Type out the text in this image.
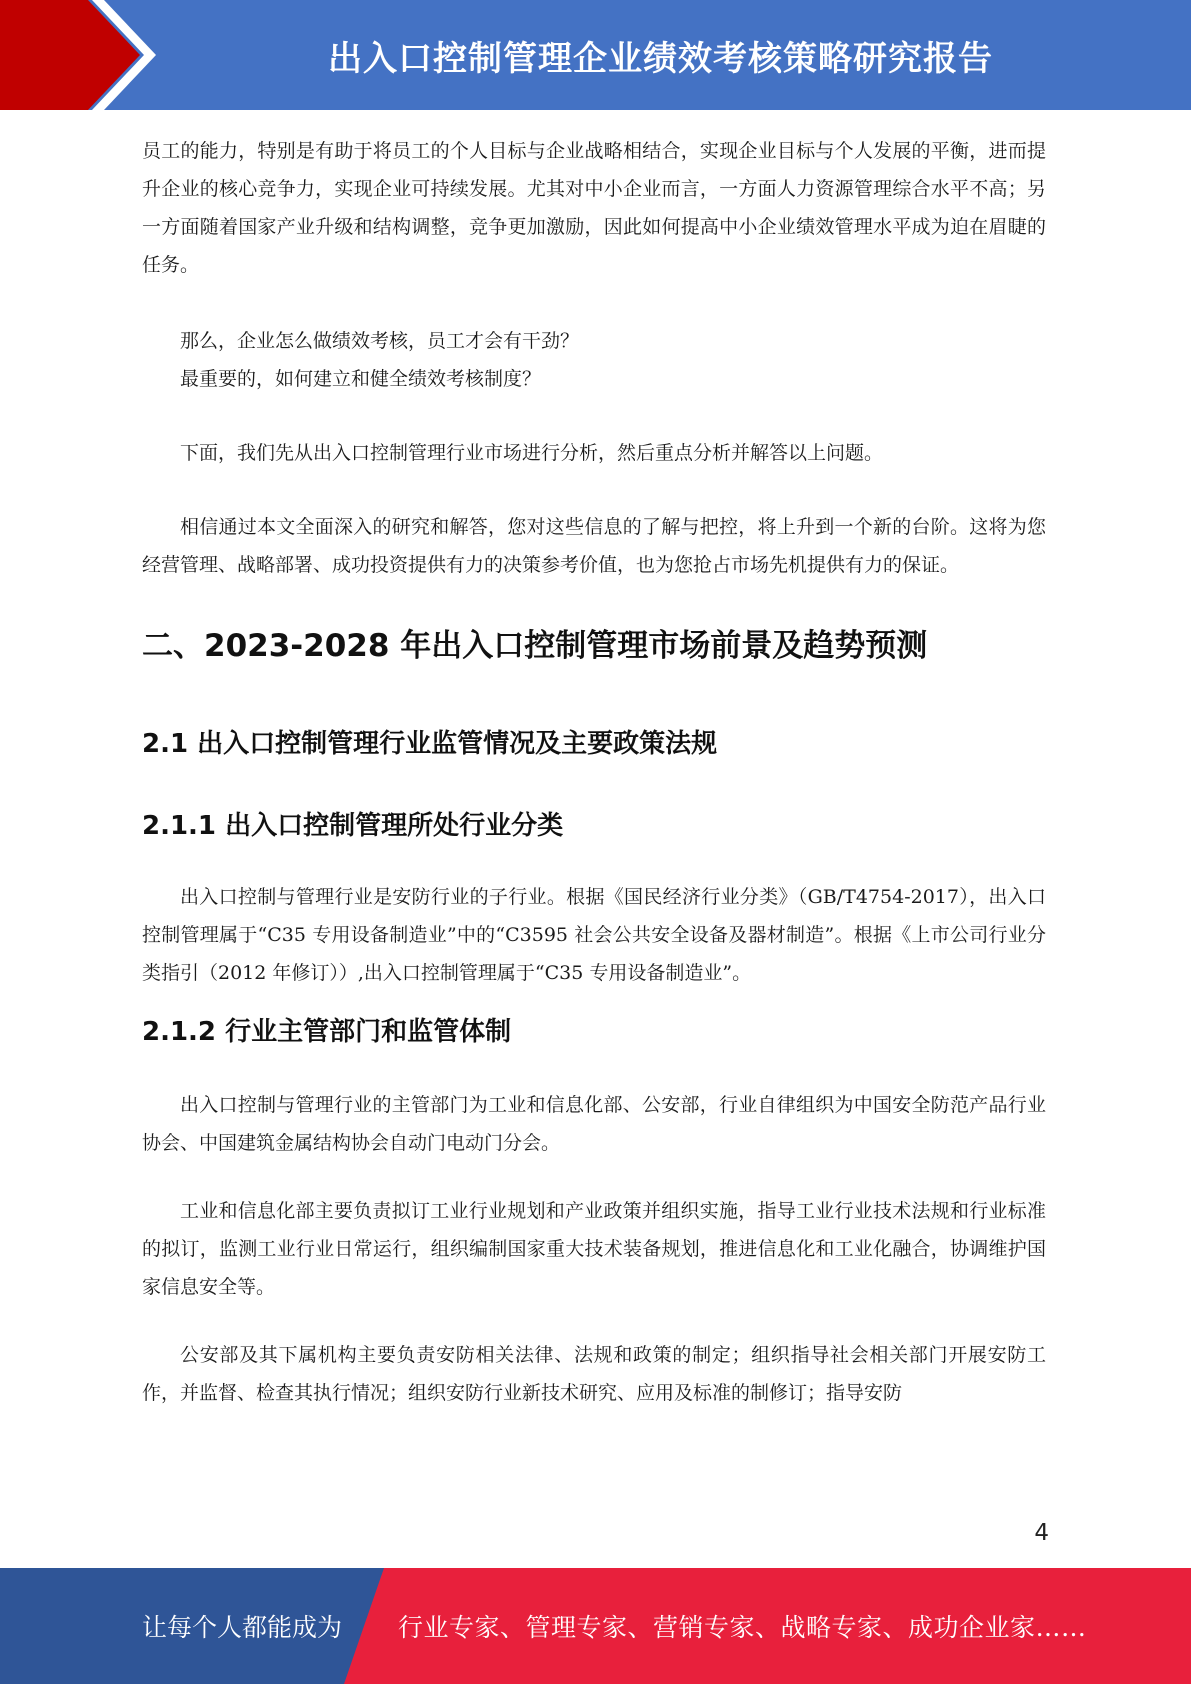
出入口控制管理企业绩效考核策略研究报告

员工的能力，特别是有助于将员工的个人目标与企业战略相结合，实现企业目标与个人发展的平衡，进而提升企业的核心竞争力，实现企业可持续发展。尤其对中小企业而言，一方面人力资源管理综合水平不高；另一方面随着国家产业升级和结构调整，竞争更加激励，因此如何提高中小企业绩效管理水平成为迫在眉睫的任务。

那么，企业怎么做绩效考核，员工才会有干劲？

最重要的，如何建立和健全绩效考核制度？

下面，我们先从出入口控制管理行业市场进行分析，然后重点分析并解答以上问题。

相信通过本文全面深入的研究和解答，您对这些信息的了解与把控，将上升到一个新的台阶。这将为您经营管理、战略部署、成功投资提供有力的决策参考价值，也为您抢占市场先机提供有力的保证。

二、2023-2028 年出入口控制管理市场前景及趋势预测
2.1 出入口控制管理行业监管情况及主要政策法规
2.1.1 出入口控制管理所处行业分类

出入口控制与管理行业是安防行业的子行业。根据《国民经济行业分类》（GB/T4754-2017），出入口控制管理属于“C35 专用设备制造业”中的“C3595 社会公共安全设备及器材制造”。根据《上市公司行业分类指引（2012 年修订））,出入口控制管理属于“C35 专用设备制造业”。

2.1.2 行业主管部门和监管体制

出入口控制与管理行业的主管部门为工业和信息化部、公安部，行业自律组织为中国安全防范产品行业协会、中国建筑金属结构协会自动门电动门分会。

工业和信息化部主要负责拟订工业行业规划和产业政策并组织实施，指导工业行业技术法规和行业标准的拟订，监测工业行业日常运行，组织编制国家重大技术装备规划，推进信息化和工业化融合，协调维护国家信息安全等。

公安部及其下属机构主要负责安防相关法律、法规和政策的制定；组织指导社会相关部门开展安防工作，并监督、检查其执行情况；组织安防行业新技术研究、应用及标准的制修订；指导安防

4
让每个人都能成为 行业专家、管理专家、营销专家、战略专家、成功企业家……
